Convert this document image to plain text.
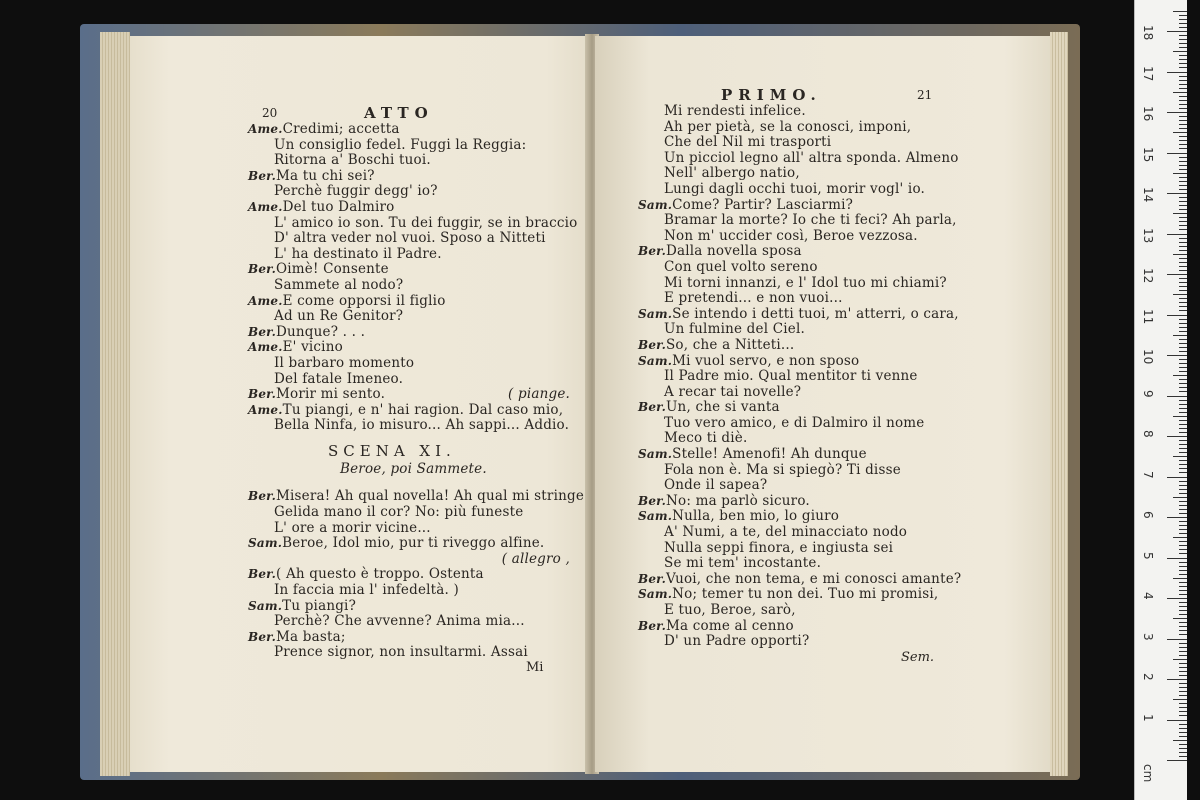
20	ATTO
Ame.Credimi; accetta
Un consiglio fedel. Fuggi la Reggia:
Ritorna a' Boschi tuoi.
Ber.Ma tu chi sei?
Perchè fuggir degg' io?
Ame.Del tuo Dalmiro
L' amico io son. Tu dei fuggir, se in braccio
D' altra veder nol vuoi. Sposo a Nitteti
L' ha destinato il Padre.
Ber.Oimè! Consente
Sammete al nodo?
Ame.E come opporsi il figlio
Ad un Re Genitor?
Ber.Dunque? . . .
Ame.E' vicino
Il barbaro momento
Del fatale Imeneo.
Ber.Morir mi sento.	( piange.
Ame.Tu piangi, e n' hai ragion. Dal caso mio,
Bella Ninfa, io misuro... Ah sappi... Addio.
SCENA XI.
Beroe, poi Sammete.
Ber.Misera! Ah qual novella! Ah qual mi stringe
Gelida mano il cor? No: più funeste
L' ore a morir vicine...
Sam.Beroe, Idol mio, pur ti riveggo alfine.
( allegro ,
Ber.( Ah questo è troppo. Ostenta
In faccia mia l' infedeltà. )
Sam.Tu piangi?
Perchè? Che avvenne? Anima mia...
Ber.Ma basta;
Prence signor, non insultarmi. Assai
Mi
PRIMO.	21
Mi rendesti infelice.
Ah per pietà, se la conosci, imponi,
Che del Nil mi trasporti
Un picciol legno all' altra sponda. Almeno
Nell' albergo natio,
Lungi dagli occhi tuoi, morir vogl' io.
Sam.Come? Partir? Lasciarmi?
Bramar la morte? Io che ti feci? Ah parla,
Non m' uccider così, Beroe vezzosa.
Ber.Dalla novella sposa
Con quel volto sereno
Mi torni innanzi, e l' Idol tuo mi chiami?
E pretendi... e non vuoi...
Sam.Se intendo i detti tuoi, m' atterri, o cara,
Un fulmine del Ciel.
Ber.So, che a Nitteti...
Sam.Mi vuol servo, e non sposo
Il Padre mio. Qual mentitor ti venne
A recar tai novelle?
Ber.Un, che si vanta
Tuo vero amico, e di Dalmiro il nome
Meco ti diè.
Sam.Stelle! Amenofi! Ah dunque
Fola non è. Ma si spiegò? Ti disse
Onde il sapea?
Ber.No: ma parlò sicuro.
Sam.Nulla, ben mio, lo giuro
A' Numi, a te, del minacciato nodo
Nulla seppi finora, e ingiusta sei
Se mi tem' incostante.
Ber.Vuoi, che non tema, e mi conosci amante?
Sam.No; temer tu non dei. Tuo mi promisi,
E tuo, Beroe, sarò,
Ber.Ma come al cenno
D' un Padre opporti?
Sem.
1
2
3
4
5
6
7
8
9
10
11
12
13
14
15
16
17
18
cm
